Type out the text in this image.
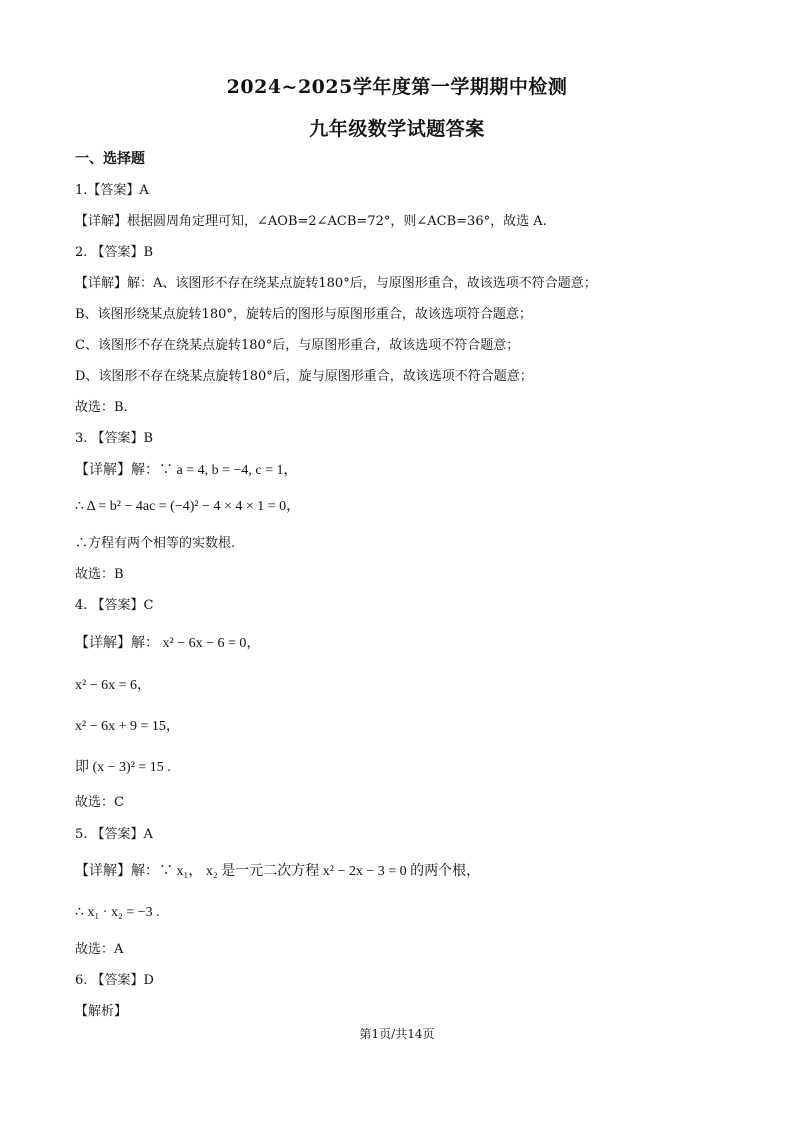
2024~2025学年度第一学期期中检测
九年级数学试题答案
一、选择题
1.【答案】A
【详解】根据圆周角定理可知，∠AOB=2∠ACB=72°，则∠ACB=36°，故选 A.
2. 【答案】B
【详解】解：A、该图形不存在绕某点旋转180°后，与原图形重合，故该选项不符合题意；
B、该图形绕某点旋转180°，旋转后的图形与原图形重合，故该选项符合题意；
C、该图形不存在绕某点旋转180°后，与原图形重合，故该选项不符合题意；
D、该图形不存在绕某点旋转180°后，旋与原图形重合，故该选项不符合题意；
故选：B.
3. 【答案】B
【详解】解：∵ a = 4, b = −4, c = 1，
∴ Δ = b² − 4ac = (−4)² − 4 × 4 × 1 = 0，
∴方程有两个相等的实数根.
故选：B
4. 【答案】C
【详解】解： x² − 6x − 6 = 0，
x² − 6x = 6，
x² − 6x + 9 = 15，
即 (x − 3)² = 15 .
故选：C
5. 【答案】A
【详解】解：∵ x₁， x₂ 是一元二次方程 x² − 2x − 3 = 0 的两个根，
∴ x₁ · x₂ = −3 .
故选：A
6. 【答案】D
【解析】
第1页/共14页
